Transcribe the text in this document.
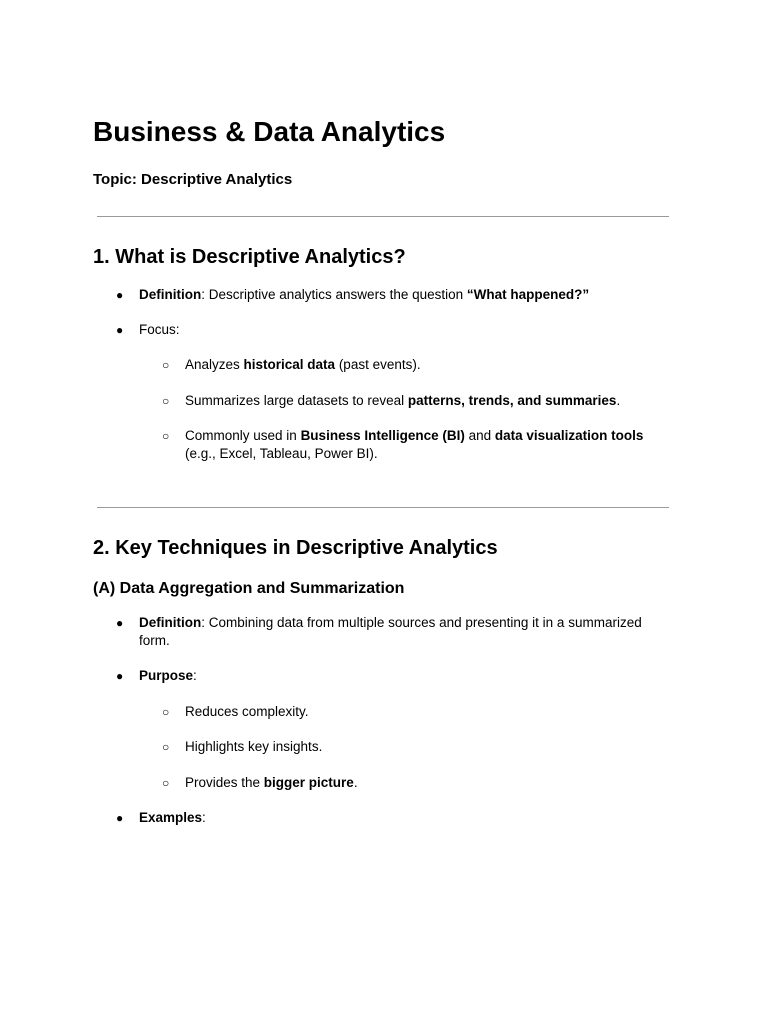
Business & Data Analytics
Topic: Descriptive Analytics
1. What is Descriptive Analytics?
● Definition: Descriptive analytics answers the question “What happened?”
● Focus:
○ Analyzes historical data (past events).
○ Summarizes large datasets to reveal patterns, trends, and summaries.
○ Commonly used in Business Intelligence (BI) and data visualization tools
(e.g., Excel, Tableau, Power BI).
2. Key Techniques in Descriptive Analytics
(A) Data Aggregation and Summarization
● Definition: Combining data from multiple sources and presenting it in a summarized
form.
● Purpose:
○ Reduces complexity.
○ Highlights key insights.
○ Provides the bigger picture.
● Examples:
